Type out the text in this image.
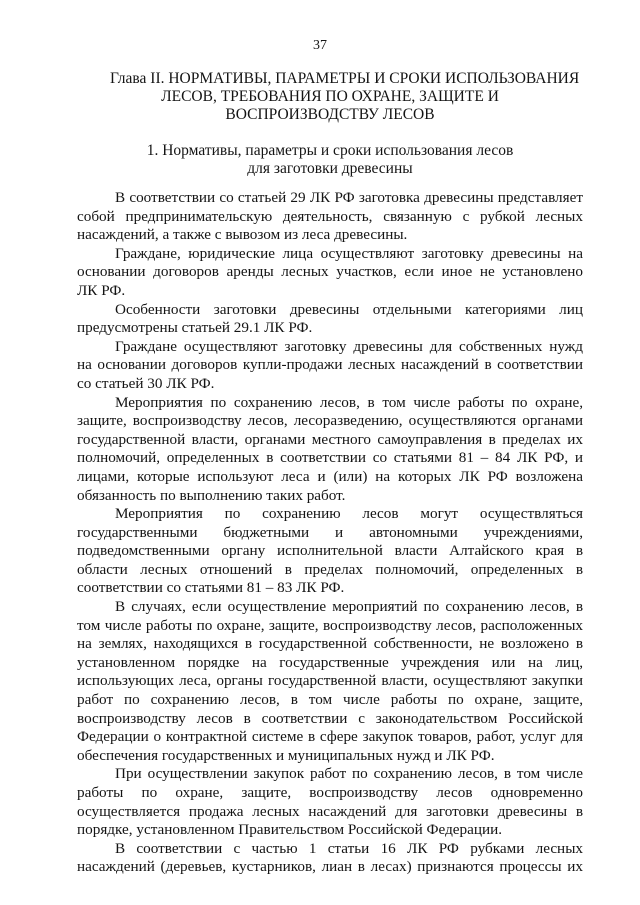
37
Глава II. НОРМАТИВЫ, ПАРАМЕТРЫ И СРОКИ ИСПОЛЬЗОВАНИЯ
ЛЕСОВ, ТРЕБОВАНИЯ ПО ОХРАНЕ, ЗАЩИТЕ И
ВОСПРОИЗВОДСТВУ ЛЕСОВ
1. Нормативы, параметры и сроки использования лесов
для заготовки древесины
В соответствии со статьей 29 ЛК РФ заготовка древесины представляет
собой предпринимательскую деятельность, связанную с рубкой лесных
насаждений, а также с вывозом из леса древесины.
Граждане, юридические лица осуществляют заготовку древесины на
основании договоров аренды лесных участков, если иное не установлено
ЛК РФ.
Особенности заготовки древесины отдельными категориями лиц
предусмотрены статьей 29.1 ЛК РФ.
Граждане осуществляют заготовку древесины для собственных нужд
на основании договоров купли-продажи лесных насаждений в соответствии
со статьей 30 ЛК РФ.
Мероприятия по сохранению лесов, в том числе работы по охране,
защите, воспроизводству лесов, лесоразведению, осуществляются органами
государственной власти, органами местного самоуправления в пределах их
полномочий, определенных в соответствии со статьями 81 – 84 ЛК РФ, и
лицами, которые используют леса и (или) на которых ЛК РФ возложена
обязанность по выполнению таких работ.
Мероприятия по сохранению лесов могут осуществляться
государственными бюджетными и автономными учреждениями,
подведомственными органу исполнительной власти Алтайского края в
области лесных отношений в пределах полномочий, определенных в
соответствии со статьями 81 – 83 ЛК РФ.
В случаях, если осуществление мероприятий по сохранению лесов, в
том числе работы по охране, защите, воспроизводству лесов, расположенных
на землях, находящихся в государственной собственности, не возложено в
установленном порядке на государственные учреждения или на лиц,
использующих леса, органы государственной власти, осуществляют закупки
работ по сохранению лесов, в том числе работы по охране, защите,
воспроизводству лесов в соответствии с законодательством Российской
Федерации о контрактной системе в сфере закупок товаров, работ, услуг для
обеспечения государственных и муниципальных нужд и ЛК РФ.
При осуществлении закупок работ по сохранению лесов, в том числе
работы по охране, защите, воспроизводству лесов одновременно
осуществляется продажа лесных насаждений для заготовки древесины в
порядке, установленном Правительством Российской Федерации.
В соответствии с частью 1 статьи 16 ЛК РФ рубками лесных
насаждений (деревьев, кустарников, лиан в лесах) признаются процессы их
